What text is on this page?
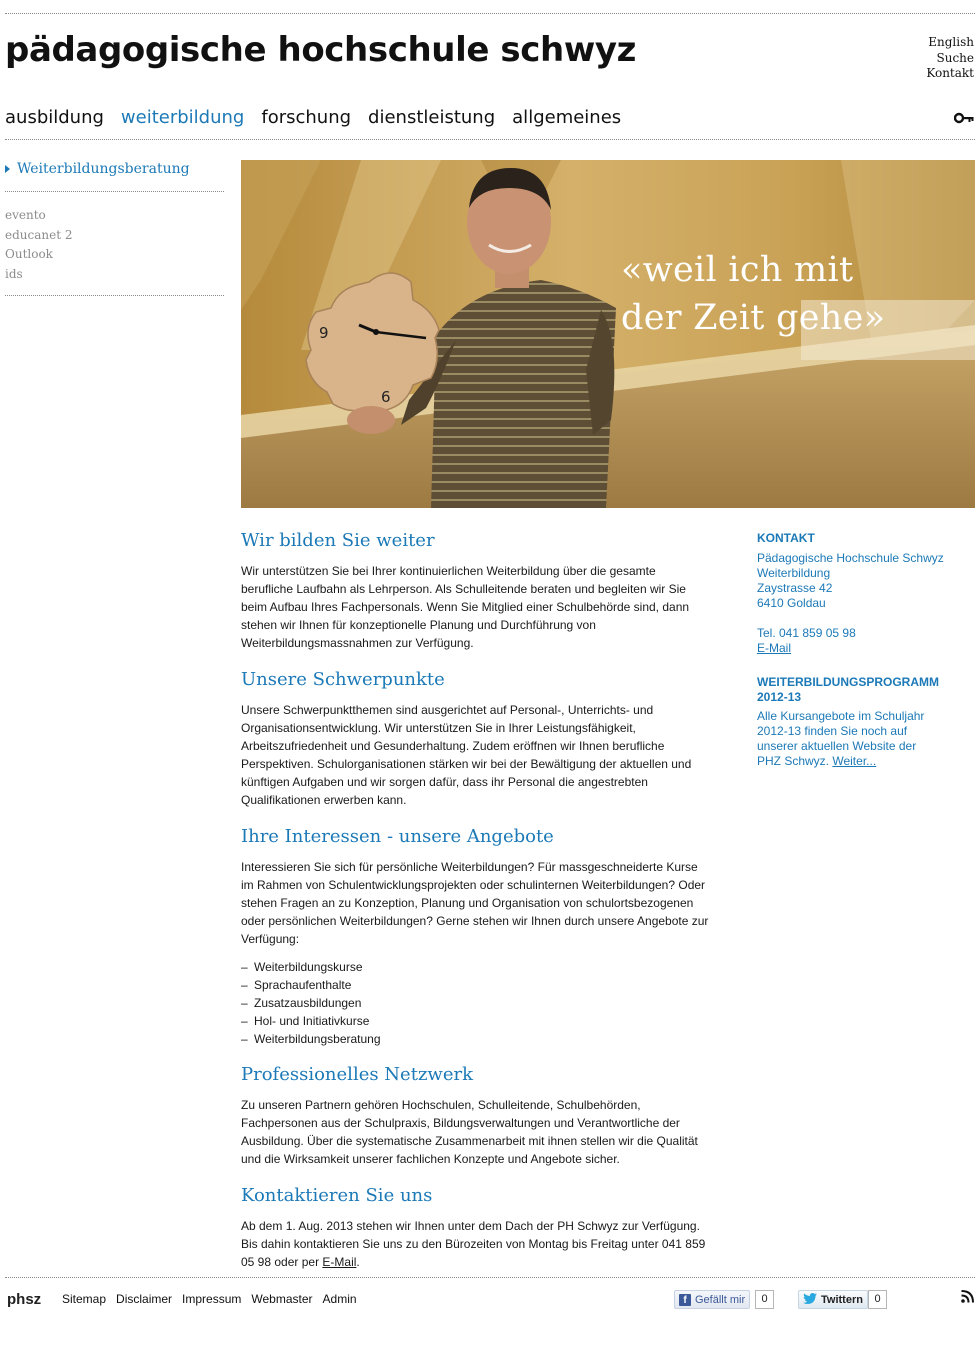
pädagogische hochschule schwyz	English
Suche
Kontakt
ausbildung weiterbildung forschung dienstleistung allgemeines
Weiterbildungsberatung
evento
educanet 2
Outlook
ids
9
6
«weil ich mit
der Zeit gehe»
Wir bilden Sie weiter

Wir unterstützen Sie bei Ihrer kontinuierlichen Weiterbildung über die gesamte berufliche Laufbahn als Lehrperson. Als Schulleitende beraten und begleiten wir Sie beim Aufbau Ihres Fachpersonals. Wenn Sie Mitglied einer Schulbehörde sind, dann stehen wir Ihnen für konzeptionelle Planung und Durchführung von Weiterbildungsmassnahmen zur Verfügung.

Unsere Schwerpunkte

Unsere Schwerpunktthemen sind ausgerichtet auf Personal-, Unterrichts- und Organisationsentwicklung. Wir unterstützen Sie in Ihrer Leistungsfähigkeit, Arbeitszufriedenheit und Gesunderhaltung. Zudem eröffnen wir Ihnen berufliche Perspektiven. Schulorganisationen stärken wir bei der Bewältigung der aktuellen und künftigen Aufgaben und wir sorgen dafür, dass ihr Personal die angestrebten Qualifikationen erwerben kann.

Ihre Interessen - unsere Angebote

Interessieren Sie sich für persönliche Weiterbildungen? Für massgeschneiderte Kurse im Rahmen von Schulentwicklungsprojekten oder schulinternen Weiterbildungen? Oder stehen Fragen an zu Konzeption, Planung und Organisation von schulortsbezogenen oder persönlichen Weiterbildungen? Gerne stehen wir Ihnen durch unsere Angebote zur Verfügung:

– Weiterbildungskurse
– Sprachaufenthalte
– Zusatzausbildungen
– Hol- und Initiativkurse
– Weiterbildungsberatung
Professionelles Netzwerk

Zu unseren Partnern gehören Hochschulen, Schulleitende, Schulbehörden, Fachpersonen aus der Schulpraxis, Bildungsverwaltungen und Verantwortliche der Ausbildung. Über die systematische Zusammenarbeit mit ihnen stellen wir die Qualität und die Wirksamkeit unserer fachlichen Konzepte und Angebote sicher.

Kontaktieren Sie uns

Ab dem 1. Aug. 2013 stehen wir Ihnen unter dem Dach der PH Schwyz zur Verfügung. Bis dahin kontaktieren Sie uns zu den Bürozeiten von Montag bis Freitag unter 041 859 05 98 oder per E-Mail.

KONTAKT
Pädagogische Hochschule Schwyz
Weiterbildung
Zaystrasse 42
6410 Goldau
Tel. 041 859 05 98
E-Mail
WEITERBILDUNGSPROGRAMM 2012-13
Alle Kursangebote im Schuljahr 2012-13 finden Sie noch auf unserer aktuellen Website der PHZ Schwyz. Weiter...
phsz Sitemap Disclaimer Impressum Webmaster Admin	f Gefällt mir	0	Twittern	0
